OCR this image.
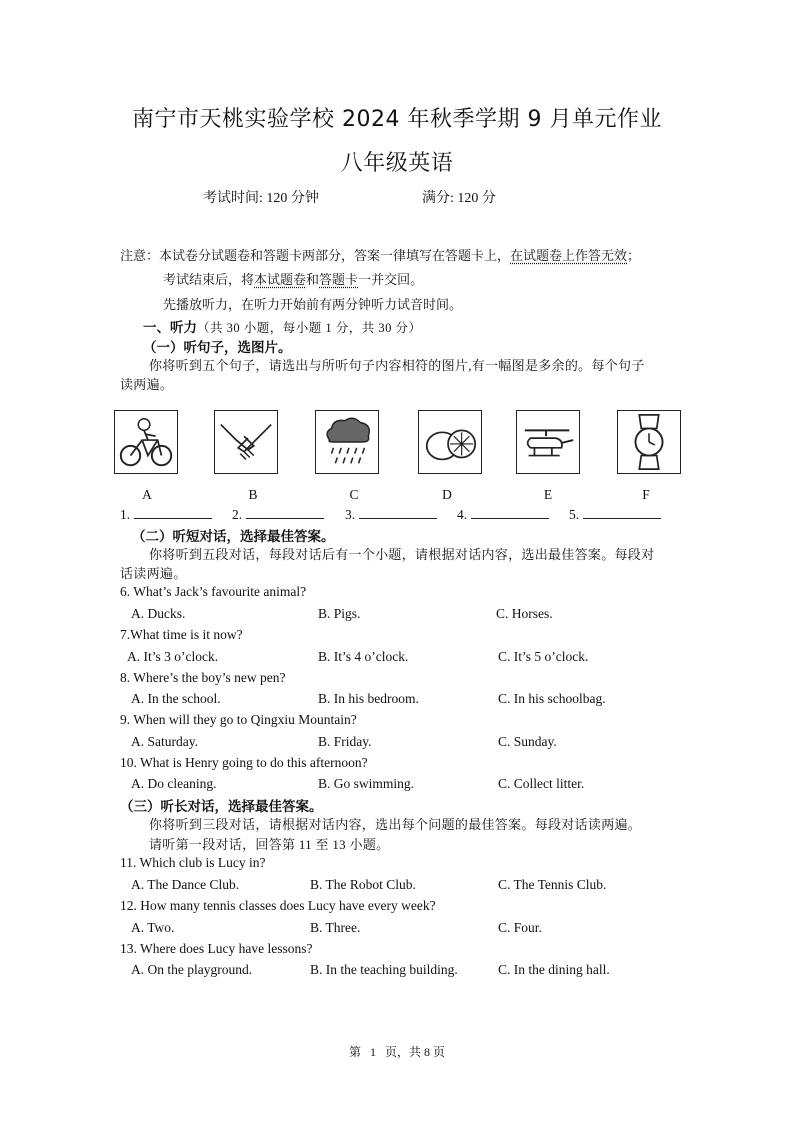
南宁市天桃实验学校 2024 年秋季学期 9 月单元作业
八年级英语
考试时间: 120 分钟	满分: 120 分
注意：本试卷分试题卷和答题卡两部分，答案一律填写在答题卡上，在试题卷上作答无效；
考试结束后，将本试题卷和答题卡一并交回。
先播放听力，在听力开始前有两分钟听力试音时间。
一、听力（共 30 小题，每小题 1 分，共 30 分）
（一）听句子，选图片。
你将听到五个句子，请选出与所听句子内容相符的图片,有一幅图是多余的。每个句子
读两遍。
A	B	C	D	E	F
1.	2.	3.	4.	5.
（二）听短对话，选择最佳答案。
你将听到五段对话，每段对话后有一个小题，请根据对话内容，选出最佳答案。每段对
话读两遍。
6. What’s Jack’s favourite animal?
A. Ducks.	B. Pigs.	C. Horses.
7.What time is it now?
A. It’s 3 o’clock.	B. It’s 4 o’clock.	C. It’s 5 o’clock.
8. Where’s the boy’s new pen?
A. In the school.	B. In his bedroom.	C. In his schoolbag.
9. When will they go to Qingxiu Mountain?
A. Saturday.	B. Friday.	C. Sunday.
10. What is Henry going to do this afternoon?
A. Do cleaning.	B. Go swimming.	C. Collect litter.
（三）听长对话，选择最佳答案。
你将听到三段对话，请根据对话内容，选出每个问题的最佳答案。每段对话读两遍。
请听第一段对话，回答第 11 至 13 小题。
11. Which club is Lucy in?
A. The Dance Club.	B. The Robot Club.	C. The Tennis Club.
12. How many tennis classes does Lucy have every week?
A. Two.	B. Three.	C. Four.
13. Where does Lucy have lessons?
A. On the playground.	B. In the teaching building.	C. In the dining hall.
第   1   页，共 8 页
